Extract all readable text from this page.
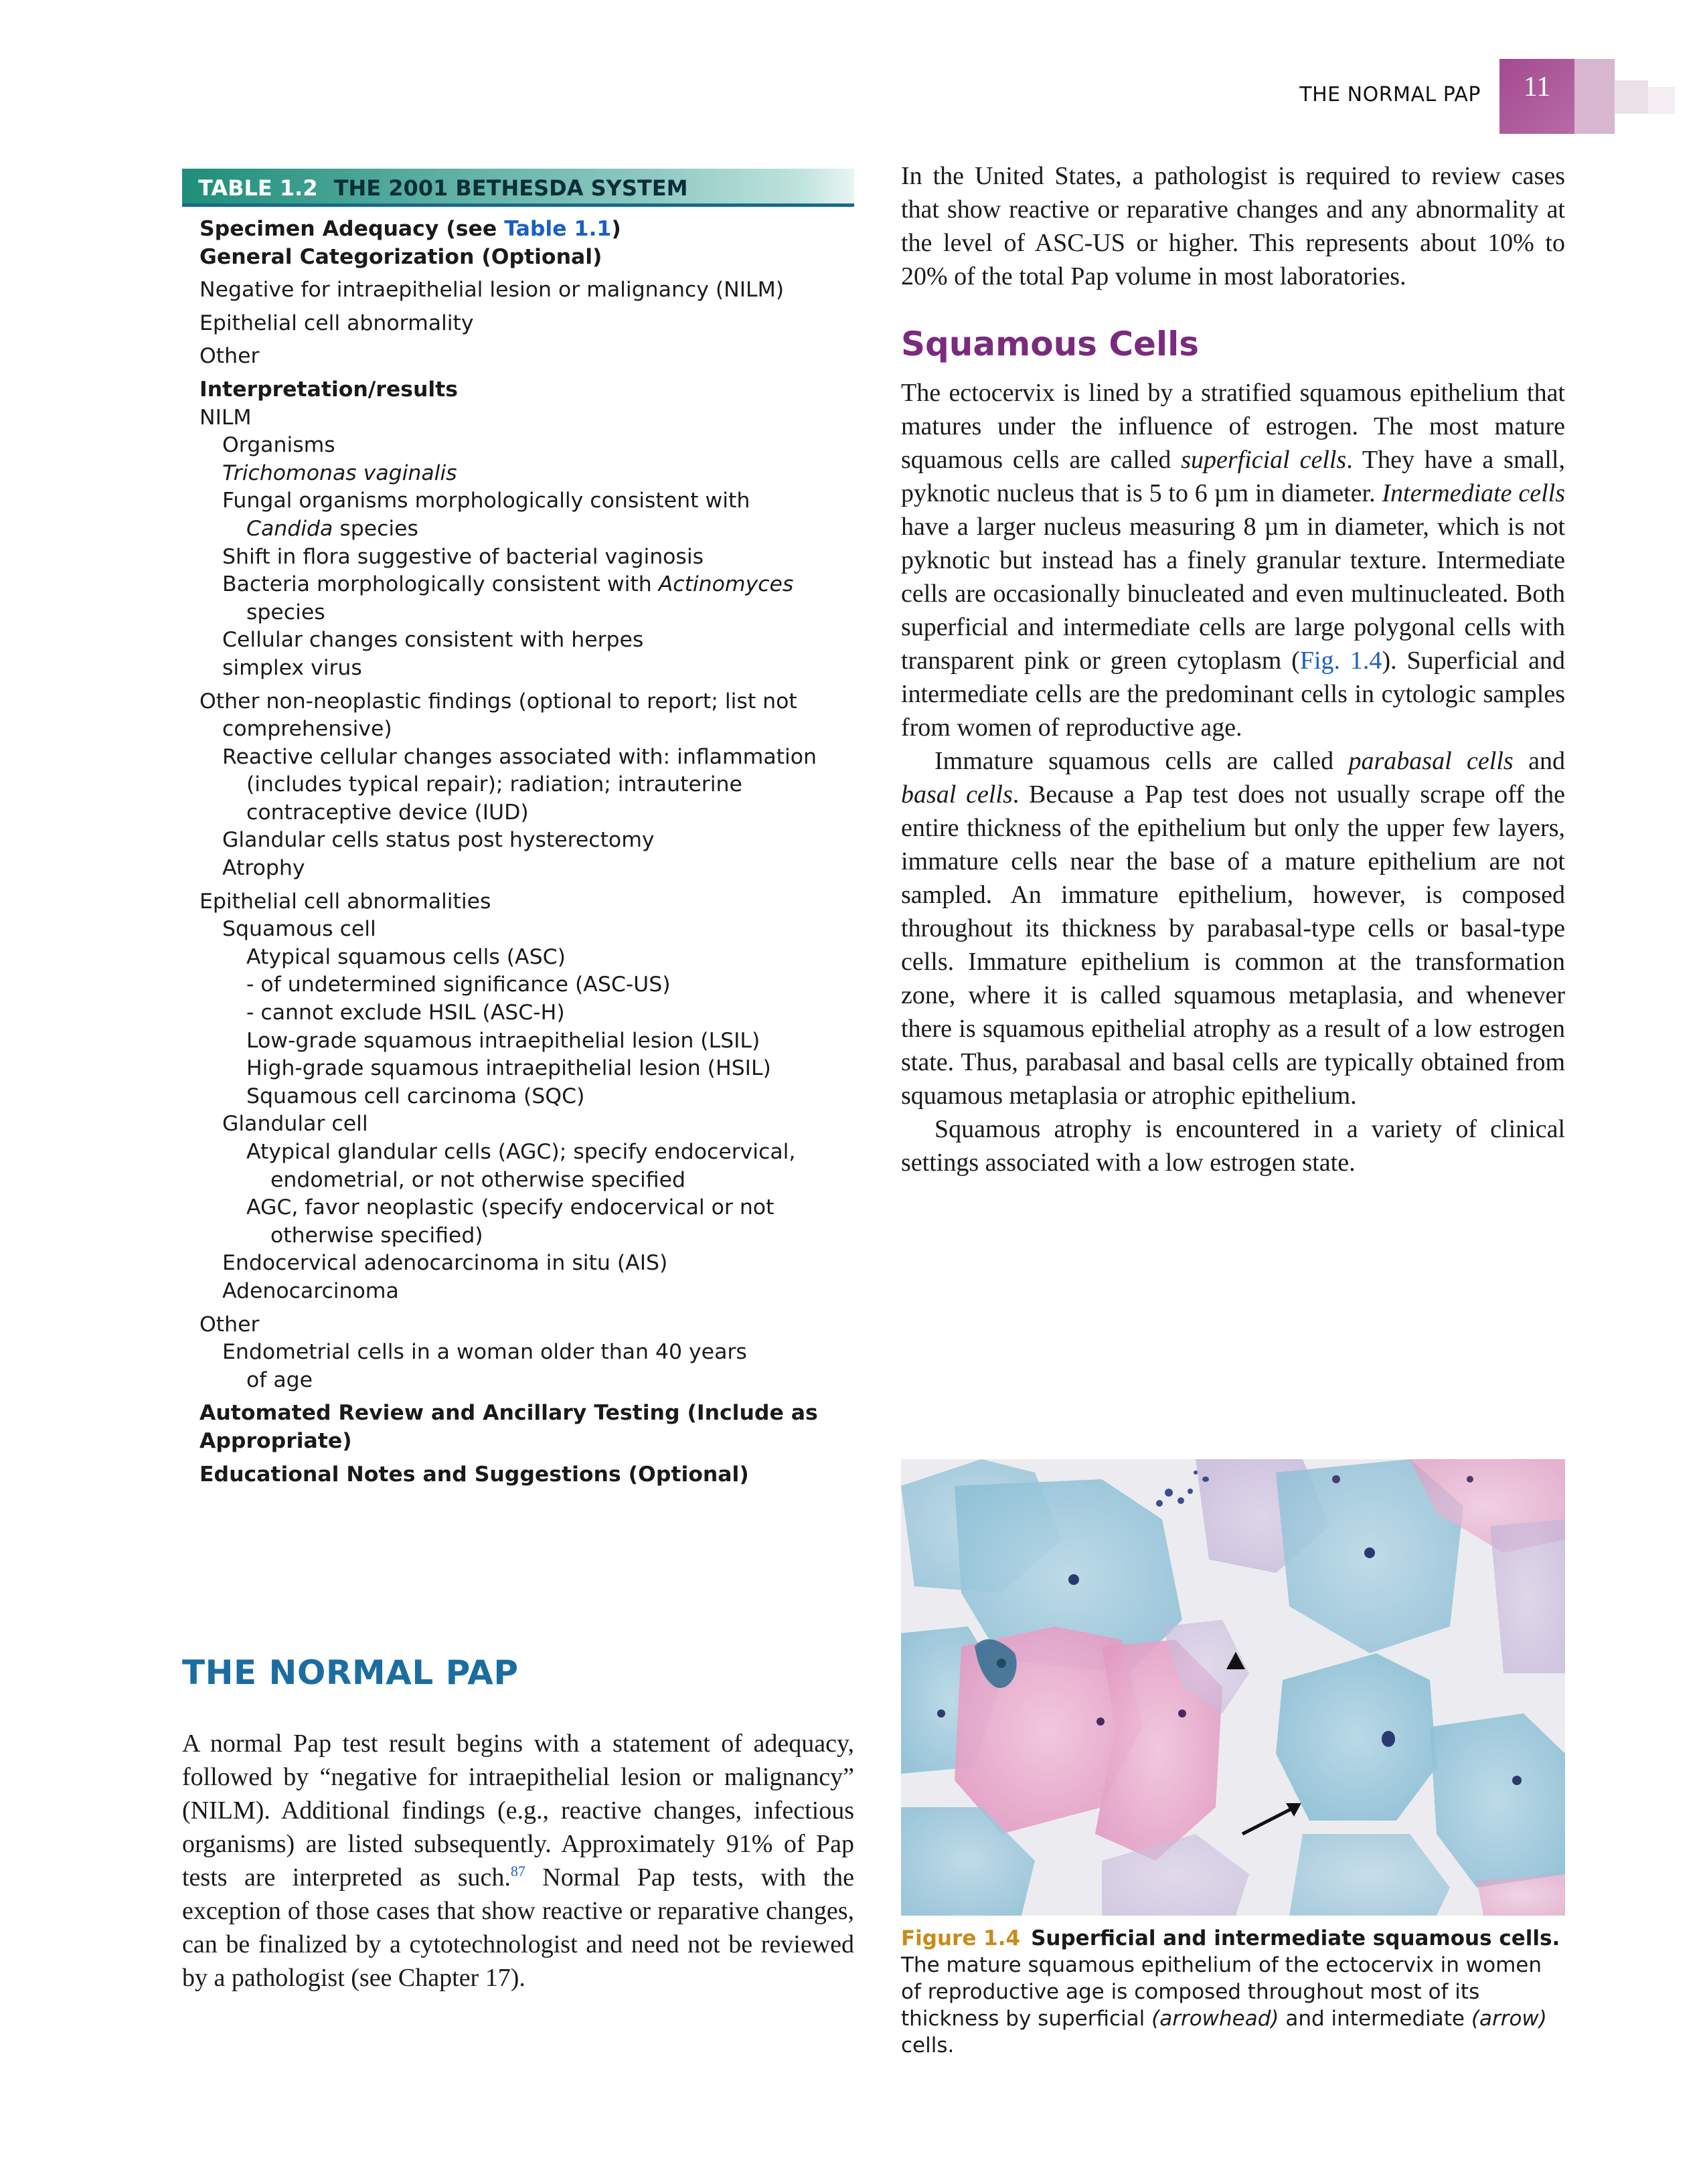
THE NORMAL PAP	11
TABLE 1.2 THE 2001 BETHESDA SYSTEM
Specimen Adequacy (see Table 1.1)
General Categorization (Optional)
Negative for intraepithelial lesion or malignancy (NILM)
Epithelial cell abnormality
Other
Interpretation/results
NILM
Organisms
Trichomonas vaginalis
Fungal organisms morphologically consistent with
Candida species
Shift in flora suggestive of bacterial vaginosis
Bacteria morphologically consistent with Actinomyces
species
Cellular changes consistent with herpes
simplex virus
Other non-neoplastic findings (optional to report; list not
comprehensive)
Reactive cellular changes associated with: inflammation
(includes typical repair); radiation; intrauterine
contraceptive device (IUD)
Glandular cells status post hysterectomy
Atrophy
Epithelial cell abnormalities
Squamous cell
Atypical squamous cells (ASC)
- of undetermined significance (ASC-US)
- cannot exclude HSIL (ASC-H)
Low-grade squamous intraepithelial lesion (LSIL)
High-grade squamous intraepithelial lesion (HSIL)
Squamous cell carcinoma (SQC)
Glandular cell
Atypical glandular cells (AGC); specify endocervical,
endometrial, or not otherwise specified
AGC, favor neoplastic (specify endocervical or not
otherwise specified)
Endocervical adenocarcinoma in situ (AIS)
Adenocarcinoma
Other
Endometrial cells in a woman older than 40 years
of age
Automated Review and Ancillary Testing (Include as
Appropriate)
Educational Notes and Suggestions (Optional)
THE NORMAL PAP
A normal Pap test result begins with a statement of adequacy, followed by “negative for intraepithelial lesion or malignancy” (NILM). Additional findings (e.g., reactive changes, infectious organisms) are listed subsequently. Approximately 91% of Pap tests are interpreted as such.$^{87}$ Normal Pap tests, with the exception of those cases that show reactive or reparative changes, can be finalized by a cytotechnologist and need not be reviewed by a pathologist (see Chapter 17).
In the United States, a pathologist is required to review cases that show reactive or reparative changes and any abnormality at the level of ASC-US or higher. This represents about 10% to 20% of the total Pap volume in most laboratories.
Squamous Cells
The ectocervix is lined by a stratified squamous epithelium that matures under the influence of estrogen. The most mature squamous cells are called superficial cells. They have a small, pyknotic nucleus that is 5 to 6 µm in diameter. Intermediate cells have a larger nucleus measuring 8 µm in diameter, which is not pyknotic but instead has a finely granular texture. Intermediate cells are occasionally binucleated and even multinucleated. Both superficial and intermediate cells are large polygonal cells with transparent pink or green cytoplasm (Fig. 1.4). Superficial and intermediate cells are the predominant cells in cytologic samples from women of reproductive age.
Immature squamous cells are called parabasal cells and basal cells. Because a Pap test does not usually scrape off the entire thickness of the epithelium but only the upper few layers, immature cells near the base of a mature epithelium are not sampled. An immature epithelium, however, is composed throughout its thickness by parabasal-type cells or basal-type cells. Immature epithelium is common at the transformation zone, where it is called squamous metaplasia, and whenever there is squamous epithelial atrophy as a result of a low estrogen state. Thus, parabasal and basal cells are typically obtained from squamous metaplasia or atrophic epithelium.
Squamous atrophy is encountered in a variety of clinical settings associated with a low estrogen state.
Figure 1.4 Superficial and intermediate squamous cells. The mature squamous epithelium of the ectocervix in women of reproductive age is composed throughout most of its thickness by superficial (arrowhead) and intermediate (arrow) cells.
